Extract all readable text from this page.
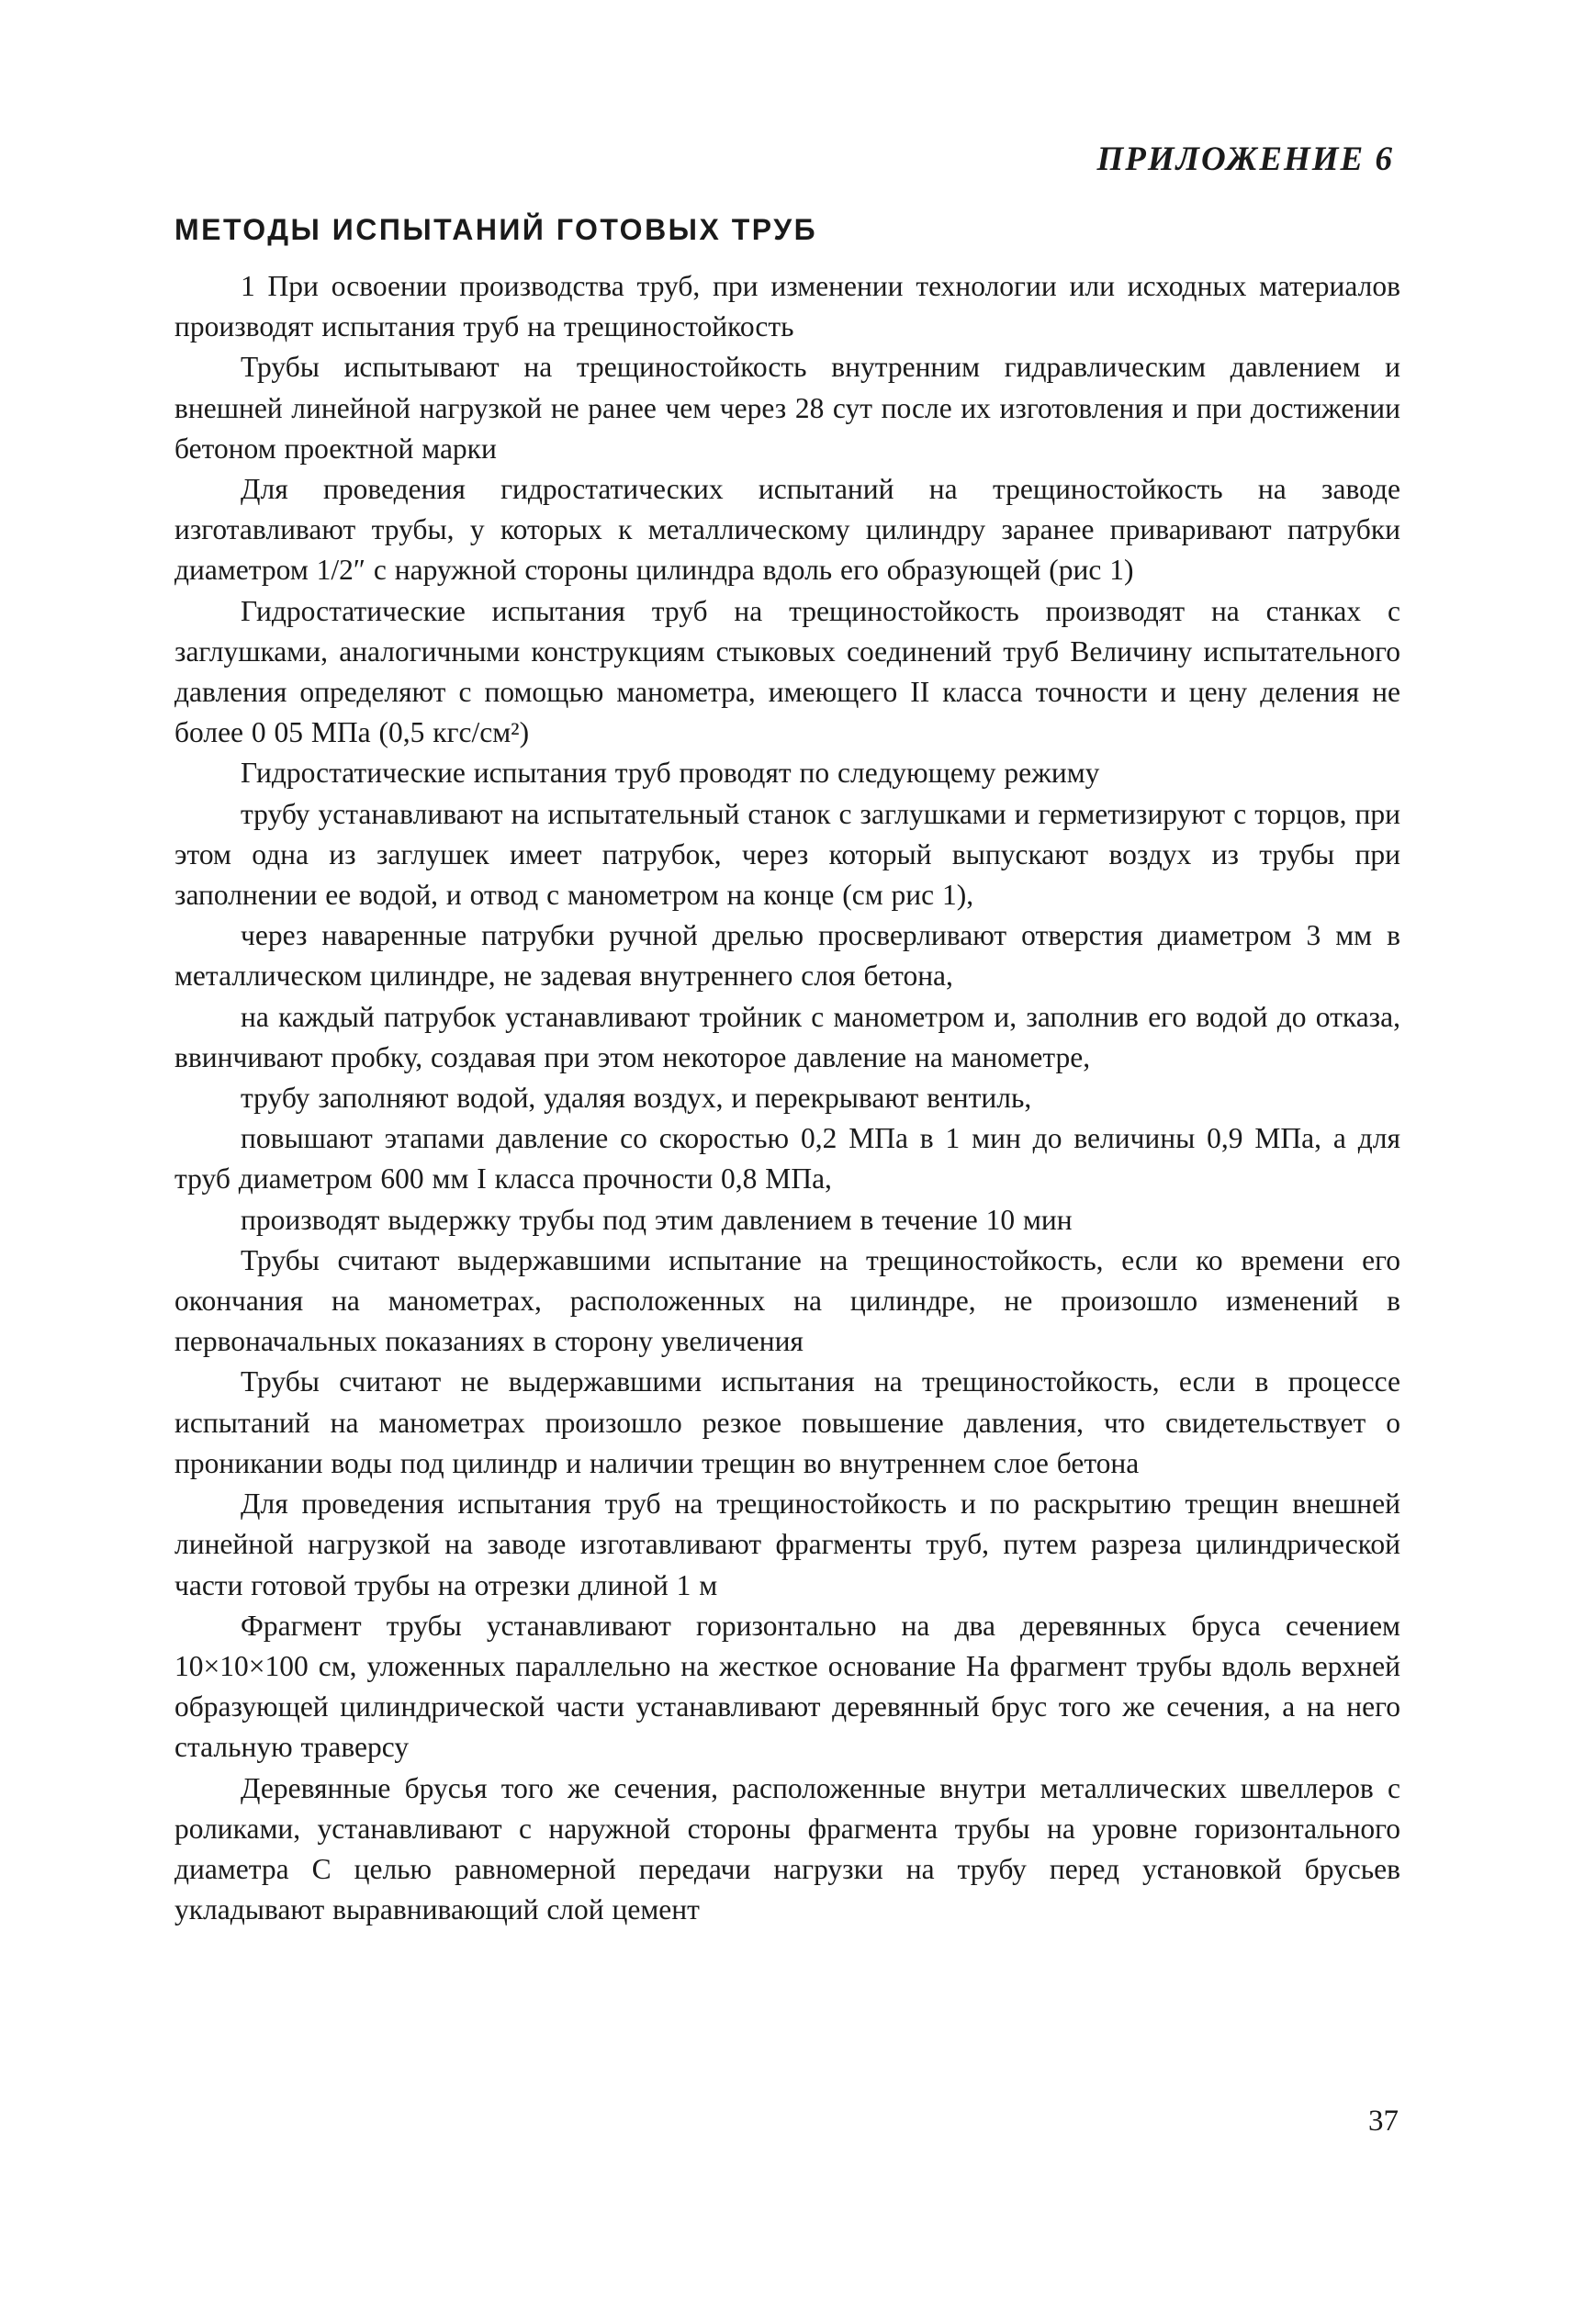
ПРИЛОЖЕНИЕ 6
МЕТОДЫ ИСПЫТАНИЙ ГОТОВЫХ ТРУБ

1 При освоении производства труб, при изменении технологии или исходных материалов производят испытания труб на трещиностойкость

Трубы испытывают на трещиностойкость внутренним гидравлическим давлением и внешней линейной нагрузкой не ранее чем через 28 сут после их изготовления и при достижении бетоном проектной марки

Для проведения гидростатических испытаний на трещиностойкость на заводе изготавливают трубы, у которых к металлическому цилиндру заранее приваривают патрубки диаметром 1/2″ с наружной стороны цилиндра вдоль его образующей (рис 1)

Гидростатические испытания труб на трещиностойкость производят на станках с заглушками, аналогичными конструкциям стыковых соединений труб Величину испытательного давления определяют с помощью манометра, имеющего II класса точности и цену деления не более 0 05 МПа (0,5 кгс/см²)

Гидростатические испытания труб проводят по следующему режиму

трубу устанавливают на испытательный станок с заглушками и герметизируют с торцов, при этом одна из заглушек имеет патрубок, через который выпускают воздух из трубы при заполнении ее водой, и отвод с манометром на конце (см рис 1),

через наваренные патрубки ручной дрелью просверливают отверстия диаметром 3 мм в металлическом цилиндре, не задевая внутреннего слоя бетона,

на каждый патрубок устанавливают тройник с манометром и, заполнив его водой до отказа, ввинчивают пробку, создавая при этом некоторое давление на манометре,

трубу заполняют водой, удаляя воздух, и перекрывают вентиль,

повышают этапами давление со скоростью 0,2 МПа в 1 мин до величины 0,9 МПа, а для труб диаметром 600 мм I класса прочности 0,8 МПа,

производят выдержку трубы под этим давлением в течение 10 мин

Трубы считают выдержавшими испытание на трещиностойкость, если ко времени его окончания на манометрах, расположенных на цилиндре, не произошло изменений в первоначальных показаниях в сторону увеличения

Трубы считают не выдержавшими испытания на трещиностойкость, если в процессе испытаний на манометрах произошло резкое повышение давления, что свидетельствует о проникании воды под цилиндр и наличии трещин во внутреннем слое бетона

Для проведения испытания труб на трещиностойкость и по раскрытию трещин внешней линейной нагрузкой на заводе изготавливают фрагменты труб, путем разреза цилиндрической части готовой трубы на отрезки длиной 1 м

Фрагмент трубы устанавливают горизонтально на два деревянных бруса сечением 10×10×100 см, уложенных параллельно на жесткое основание На фрагмент трубы вдоль верхней образующей цилиндрической части устанавливают деревянный брус того же сечения, а на него стальную траверсу

Деревянные брусья того же сечения, расположенные внутри металлических швеллеров с роликами, устанавливают с наружной стороны фрагмента трубы на уровне горизонтального диаметра С целью равномерной передачи нагрузки на трубу перед установкой брусьев укладывают выравнивающий слой цемент

37
